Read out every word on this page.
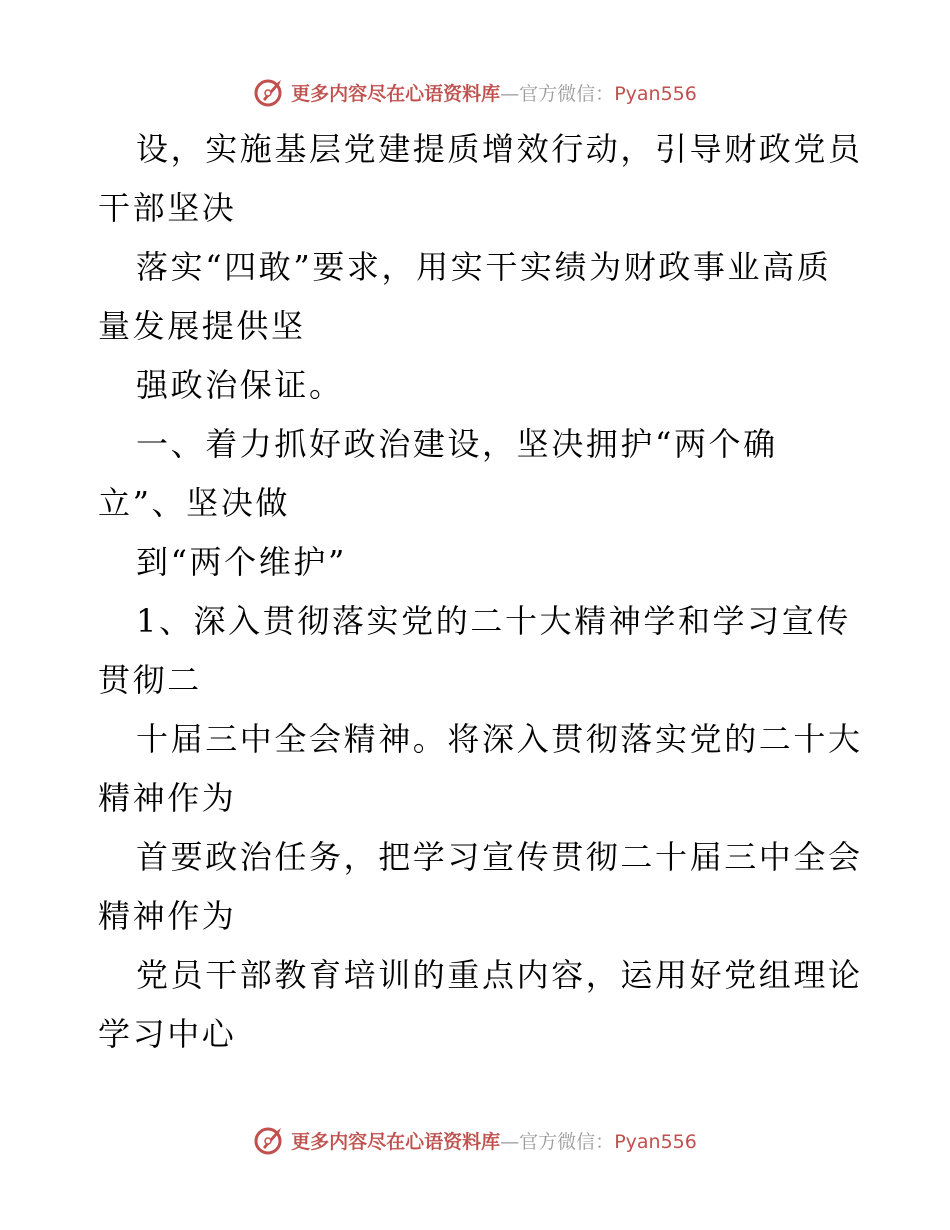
更多内容尽在心语资料库—官方微信：Pyan556
设，实施基层党建提质增效行动，引导财政党员
干部坚决
落实“四敢”要求，用实干实绩为财政事业高质
量发展提供坚
强政治保证。
一、着力抓好政治建设，坚决拥护“两个确
立”、坚决做
到“两个维护”
1、深入贯彻落实党的二十大精神学和学习宣传
贯彻二
十届三中全会精神。将深入贯彻落实党的二十大
精神作为
首要政治任务，把学习宣传贯彻二十届三中全会
精神作为
党员干部教育培训的重点内容，运用好党组理论
学习中心
更多内容尽在心语资料库—官方微信：Pyan556
